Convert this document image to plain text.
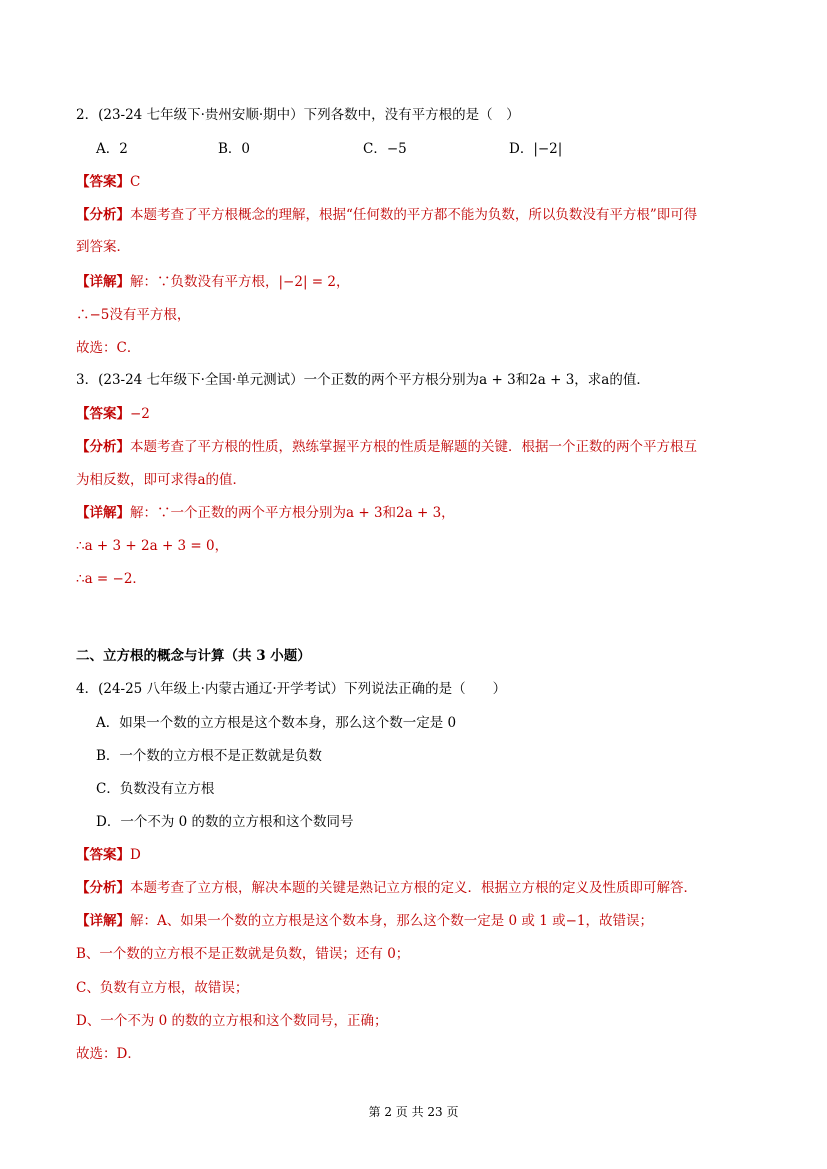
2．(23-24 七年级下·贵州安顺·期中）下列各数中，没有平方根的是（　）
A．2	B．0	C．−5	D．|−2|
【答案】C
【分析】本题考查了平方根概念的理解，根据“任何数的平方都不能为负数，所以负数没有平方根”即可得
到答案．
【详解】解：∵负数没有平方根，|−2| = 2，
∴−5没有平方根，
故选：C．
3．(23-24 七年级下·全国·单元测试）一个正数的两个平方根分别为a + 3和2a + 3，求a的值．
【答案】−2
【分析】本题考查了平方根的性质，熟练掌握平方根的性质是解题的关键．根据一个正数的两个平方根互
为相反数，即可求得a的值．
【详解】解：∵一个正数的两个平方根分别为a + 3和2a + 3，
∴a + 3 + 2a + 3 = 0，
∴a = −2．
二、立方根的概念与计算（共 3 小题）
4．(24-25 八年级上·内蒙古通辽·开学考试）下列说法正确的是（　　）
A．如果一个数的立方根是这个数本身，那么这个数一定是 0
B．一个数的立方根不是正数就是负数
C．负数没有立方根
D．一个不为 0 的数的立方根和这个数同号
【答案】D
【分析】本题考查了立方根，解决本题的关键是熟记立方根的定义．根据立方根的定义及性质即可解答．
【详解】解：A、如果一个数的立方根是这个数本身，那么这个数一定是 0 或 1 或−1，故错误；
B、一个数的立方根不是正数就是负数，错误；还有 0；
C、负数有立方根，故错误；
D、一个不为 0 的数的立方根和这个数同号，正确；
故选：D．
第 2 页 共 23 页
